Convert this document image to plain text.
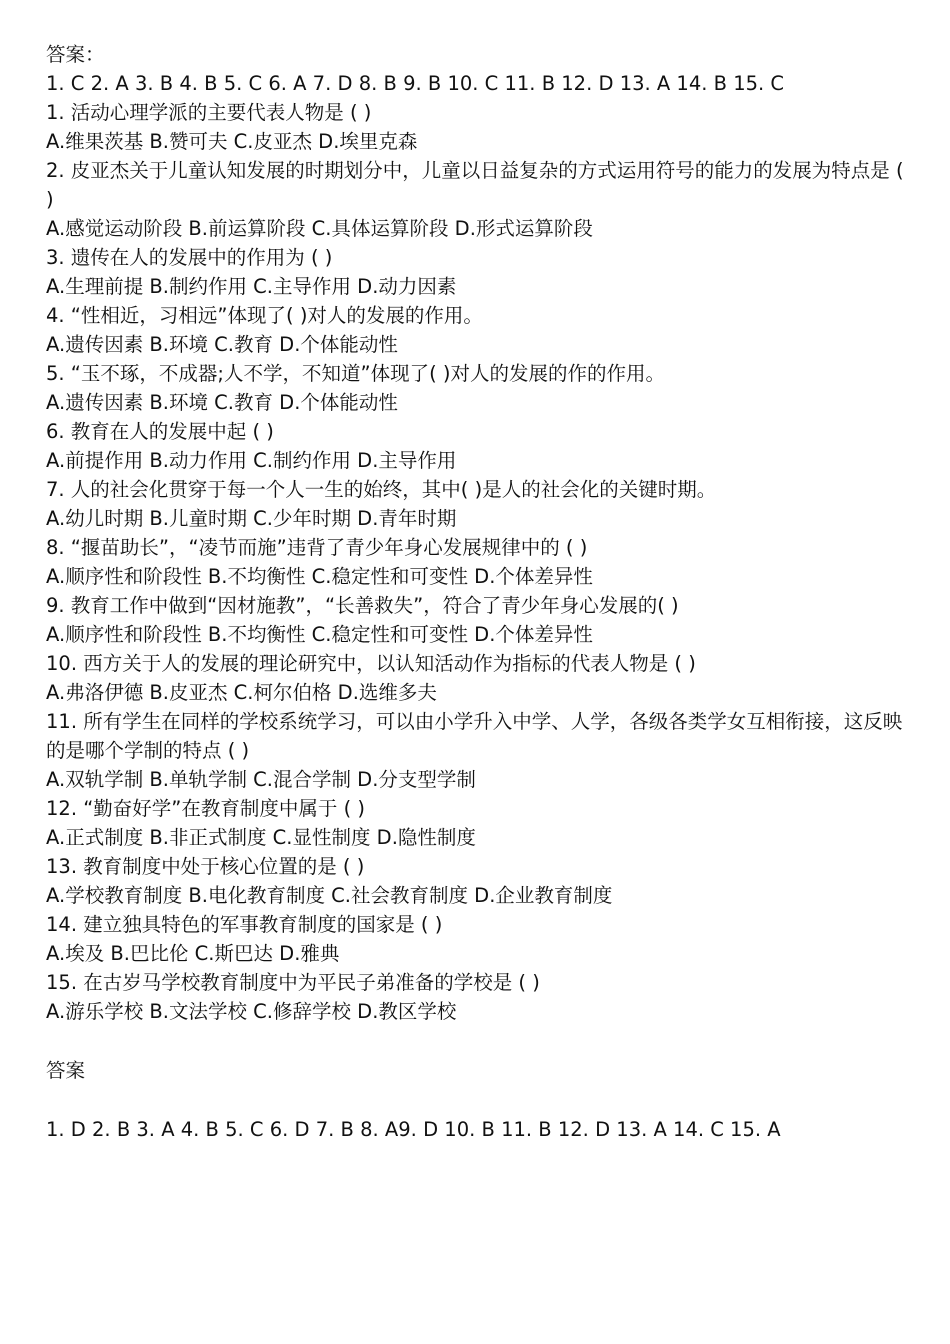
答案：
1. C 2. A 3. B 4. B 5. C 6. A 7. D 8. B 9. B 10. C 11. B 12. D 13. A 14. B 15. C
1. 活动心理学派的主要代表人物是 ( )
A.维果茨基 B.赞可夫 C.皮亚杰 D.埃里克森
2. 皮亚杰关于儿童认知发展的时期划分中，儿童以日益复杂的方式运用符号的能力的发展为特点是 ( )
A.感觉运动阶段 B.前运算阶段 C.具体运算阶段 D.形式运算阶段
3. 遗传在人的发展中的作用为 ( )
A.生理前提 B.制约作用 C.主导作用 D.动力因素
4. “性相近，习相远”体现了( )对人的发展的作用。
A.遗传因素 B.环境 C.教育 D.个体能动性
5. “玉不琢，不成器;人不学，不知道”体现了( )对人的发展的作的作用。
A.遗传因素 B.环境 C.教育 D.个体能动性
6. 教育在人的发展中起 ( )
A.前提作用 B.动力作用 C.制约作用 D.主导作用
7. 人的社会化贯穿于每一个人一生的始终，其中( )是人的社会化的关键时期。
A.幼儿时期 B.儿童时期 C.少年时期 D.青年时期
8. “揠苗助长”，“凌节而施”违背了青少年身心发展规律中的 ( )
A.顺序性和阶段性 B.不均衡性 C.稳定性和可变性 D.个体差异性
9. 教育工作中做到“因材施教”，“长善救失”，符合了青少年身心发展的( )
A.顺序性和阶段性 B.不均衡性 C.稳定性和可变性 D.个体差异性
10. 西方关于人的发展的理论研究中，以认知活动作为指标的代表人物是 ( )
A.弗洛伊德 B.皮亚杰 C.柯尔伯格 D.选维多夫
11. 所有学生在同样的学校系统学习，可以由小学升入中学、人学，各级各类学女互相衔接，这反映的是哪个学制的特点 ( )
A.双轨学制 B.单轨学制 C.混合学制 D.分支型学制
12. “勤奋好学”在教育制度中属于 ( )
A.正式制度 B.非正式制度 C.显性制度 D.隐性制度
13. 教育制度中处于核心位置的是 ( )
A.学校教育制度 B.电化教育制度 C.社会教育制度 D.企业教育制度
14. 建立独具特色的军事教育制度的国家是 ( )
A.埃及 B.巴比伦 C.斯巴达 D.雅典
15. 在古岁马学校教育制度中为平民子弟准备的学校是 ( )
A.游乐学校 B.文法学校 C.修辞学校 D.教区学校
答案
1. D 2. B 3. A 4. B 5. C 6. D 7. B 8. A9. D 10. B 11. B 12. D 13. A 14. C 15. A
